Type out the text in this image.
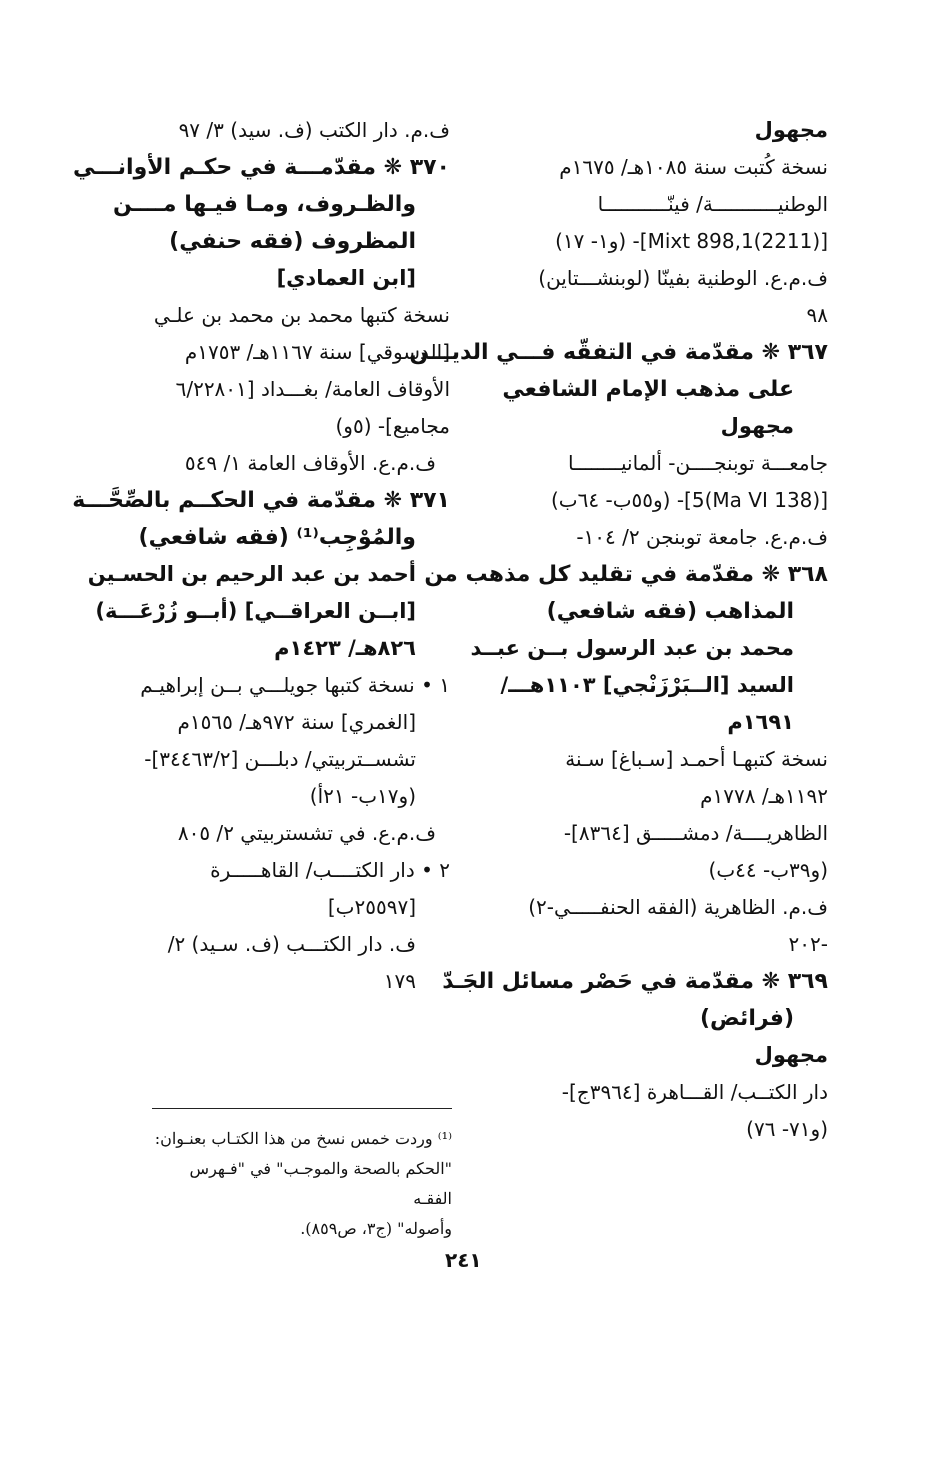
مجهول
نسخة كُتبت سنة ١٠٨٥هـ/ ١٦٧٥م
الوطنيـــــــــــة/ فينّـــــــــــا
[(2211)Mixt 898,1]- (و١- ١٧)
ف.م.ع. الوطنية بفينّا (لوبنشـــتاين)
٩٨
٣٦٧ ❋ مقدّمة في التفقّه فـــي الديـــن
على مذهب الإمام الشافعي
مجهول
جامعـــة توبنجــــن- ألمانيــــــــا
[(Ma VI 138)5]- (و٥٥ب- ٦٤ب)
ف.م.ع. جامعة توبنجن ٢/ ١٠٤-
٣٦٨ ❋ مقدّمة في تقليد كل مذهب من
المذاهب (فقه شافعي)
محمد بن عبد الرسول بــن عبــد
السيد [الــبَرْزَنْجي] ١١٠٣هـــ/
١٦٩١م
نسخة كتبهـا أحمـد [سـباغ] سـنة
١١٩٢هـ/ ١٧٧٨م
الظاهريــــة/ دمشـــــق [٨٣٦٤]-
(و٣٩ب- ٤٤ب)
ف.م. الظاهرية (الفقه الحنفـــــي-٢)
-٢٠٢
٣٦٩ ❋ مقدّمة في حَصْر مسائل الجَـدّ
(فرائض)
مجهول
دار الكتــب/ القـــاهرة [٣٩٦٤ج]-
(و٧١- ٧٦)
ف.م. دار الكتب (ف. سيد) ٣/ ٩٧
٣٧٠ ❋ مقدّمـــة في حكـم الأوانـــي
والظـروف، ومـا فيـها مــــن
المظروف (فقه حنفي)
[ابن العمادي]
نسخة كتبها محمد بن محمد بن علـي
[الدسوقي] سنة ١١٦٧هـ/ ١٧٥٣م
الأوقاف العامة/ بغـــداد [٦/٢٢٨٠١
مجاميع]- (٥و)
ف.م.ع. الأوقاف العامة ١/ ٥٤٩
٣٧١ ❋ مقدّمة في الحكــم بالصِّحَّـــة
والمُوْجِب⁽¹⁾ (فقه شافعي)
أحمد بن عبد الرحيم بن الحسـين
[ابــن العراقــي] (أبــو زُرْعَـــة)
٨٢٦هـ/ ١٤٢٣م
١ • نسخة كتبها جويلـــي بــن إبراهيـم
[الغمري] سنة ٩٧٢هـ/ ١٥٦٥م
تشســتربيتي/ دبلـــن [٣٤٤٦٣/٢]-
(و١٧ب- ٢١أ)
ف.م.ع. في تشستربيتي ٢/ ٨٠٥
٢ • دار الكتــــب/ القاهـــــرة
[٢٥٥٩٧ب]
ف. دار الكتـــب (ف. سـيد) ٢/
١٧٩
⁽¹⁾ وردت خمس نسخ من هذا الكتـاب بعنـوان:
"الحكم بالصحة والموجـب" في "فـهرس الفقـه
وأصوله" (ج٣، ص٨٥٩).
٢٤١
